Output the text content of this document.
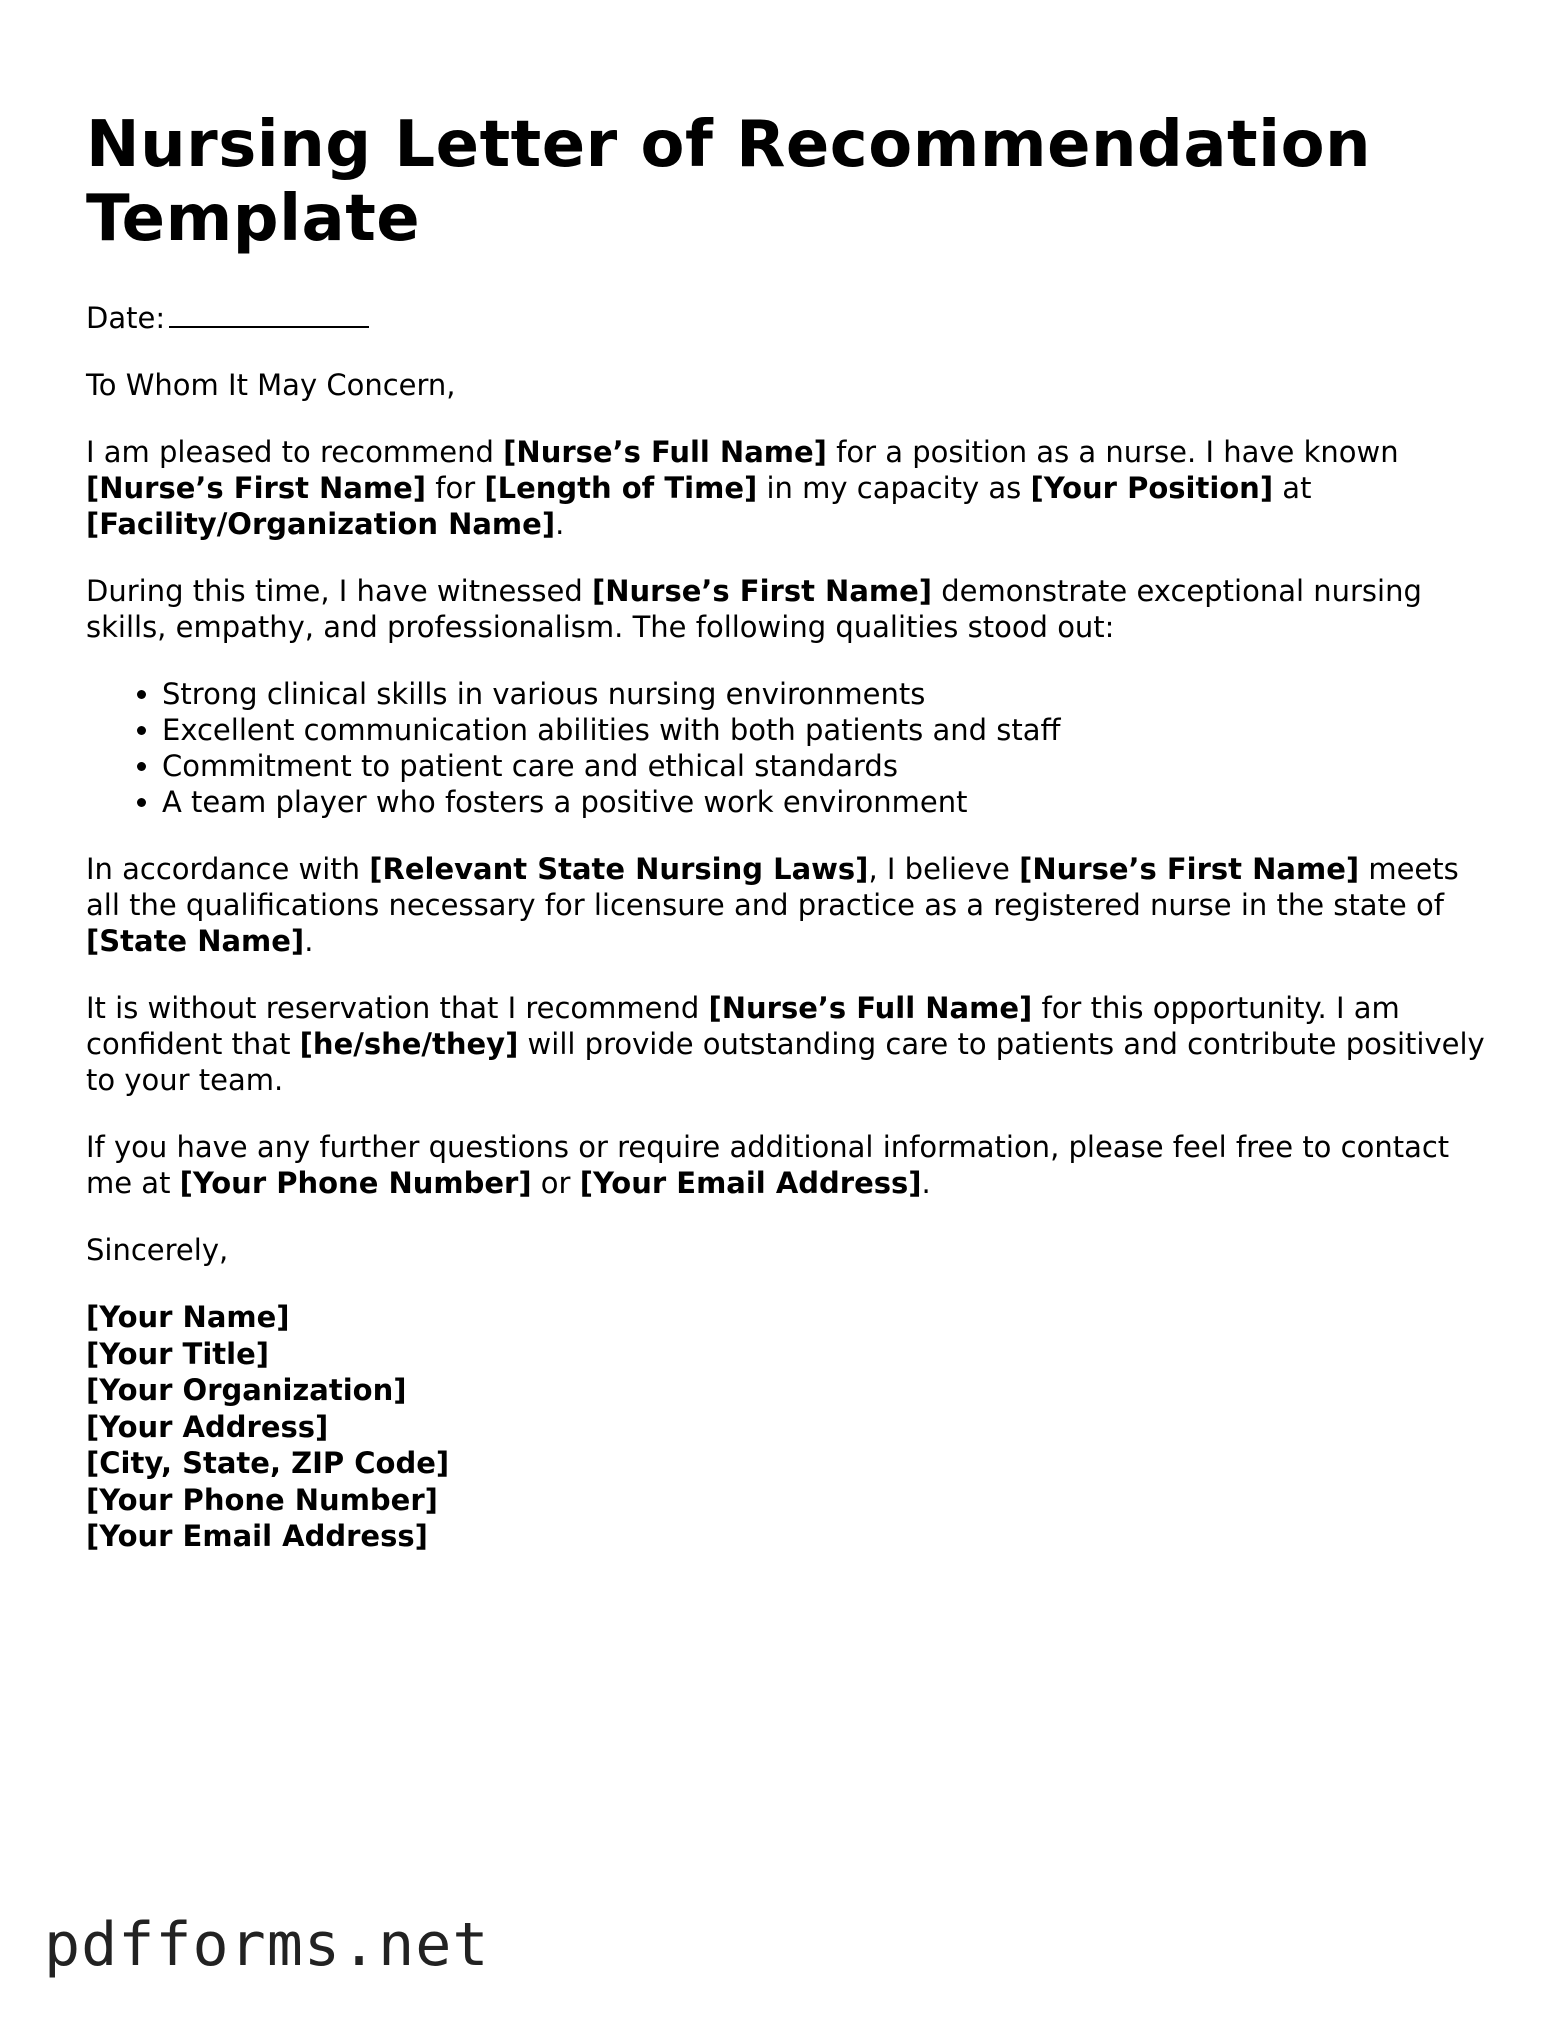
Nursing Letter of Recommendation Template

Date:

To Whom It May Concern,

I am pleased to recommend [Nurse’s Full Name] for a position as a nurse. I have known [Nurse’s First Name] for [Length of Time] in my capacity as [Your Position] at [Facility/Organization Name].

During this time, I have witnessed [Nurse’s First Name] demonstrate exceptional nursing skills, empathy, and professionalism. The following qualities stood out:

• Strong clinical skills in various nursing environments
• Excellent communication abilities with both patients and staff
• Commitment to patient care and ethical standards
• A team player who fosters a positive work environment

In accordance with [Relevant State Nursing Laws], I believe [Nurse’s First Name] meets all the qualifications necessary for licensure and practice as a registered nurse in the state of [State Name].

It is without reservation that I recommend [Nurse’s Full Name] for this opportunity. I am confident that [he/she/they] will provide outstanding care to patients and contribute positively to your team.

If you have any further questions or require additional information, please feel free to contact me at [Your Phone Number] or [Your Email Address].

Sincerely,

[Your Name]
[Your Title]
[Your Organization]
[Your Address]
[City, State, ZIP Code]
[Your Phone Number]
[Your Email Address]
pdfforms.net
